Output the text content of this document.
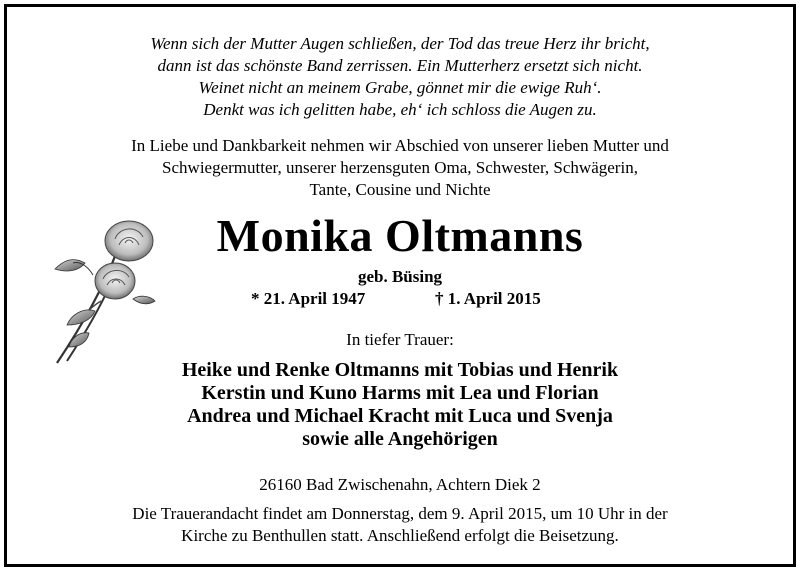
Wenn sich der Mutter Augen schließen, der Tod das treue Herz ihr bricht,
dann ist das schönste Band zerrissen. Ein Mutterherz ersetzt sich nicht.
Weinet nicht an meinem Grabe, gönnet mir die ewige Ruh‘.
Denkt was ich gelitten habe, eh‘ ich schloss die Augen zu.
In Liebe und Dankbarkeit nehmen wir Abschied von unserer lieben Mutter und
Schwiegermutter, unserer herzensguten Oma, Schwester, Schwägerin,
Tante, Cousine und Nichte
Monika Oltmanns
geb. Büsing
* 21. April 1947	† 1. April 2015
In tiefer Trauer:
Heike und Renke Oltmanns mit Tobias und Henrik
Kerstin und Kuno Harms mit Lea und Florian
Andrea und Michael Kracht mit Luca und Svenja
sowie alle Angehörigen
26160 Bad Zwischenahn, Achtern Diek 2
Die Trauerandacht findet am Donnerstag, dem 9. April 2015, um 10 Uhr in der
Kirche zu Benthullen statt. Anschließend erfolgt die Beisetzung.
